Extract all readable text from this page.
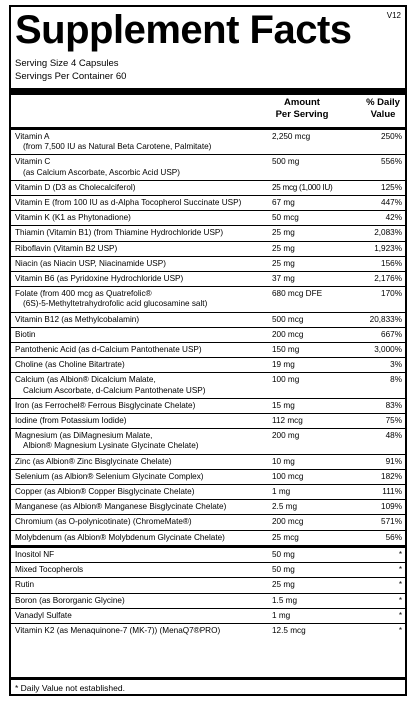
Supplement Facts	V12
Serving Size 4 Capsules
Servings Per Container 60
Amount
Per Serving
% Daily
Value
Vitamin A
(from 7,500 IU as Natural Beta Carotene, Palmitate)	2,250 mcg	250%

Vitamin C
(as Calcium Ascorbate, Ascorbic Acid USP)	500 mg	556%

Vitamin D (D3 as Cholecalciferol)	25 mcg (1,000 IU)	125%

Vitamin E (from 100 IU as d-Alpha Tocopherol Succinate USP)	67 mg	447%

Vitamin K (K1 as Phytonadione)	50 mcg	42%

Thiamin (Vitamin B1) (from Thiamine Hydrochloride USP)	25 mg	2,083%

Riboflavin (Vitamin B2 USP)	25 mg	1,923%

Niacin (as Niacin USP, Niacinamide USP)	25 mg	156%

Vitamin B6 (as Pyridoxine Hydrochloride USP)	37 mg	2,176%

Folate (from 400 mcg as Quatrefolic®
(6S)-5-Methyltetrahydrofolic acid glucosamine salt)	680 mcg DFE	170%

Vitamin B12 (as Methylcobalamin)	500 mcg	20,833%

Biotin	200 mcg	667%

Pantothenic Acid (as d-Calcium Pantothenate USP)	150 mg	3,000%

Choline (as Choline Bitartrate)	19 mg	3%

Calcium (as Albion® Dicalcium Malate,
Calcium Ascorbate, d-Calcium Pantothenate USP)	100 mg	8%

Iron (as Ferrochel® Ferrous Bisglycinate Chelate)	15 mg	83%

Iodine (from Potassium Iodide)	112 mcg	75%

Magnesium (as DiMagnesium Malate,
Albion® Magnesium Lysinate Glycinate Chelate)	200 mg	48%

Zinc (as Albion® Zinc Bisglycinate Chelate)	10 mg	91%

Selenium (as Albion® Selenium Glycinate Complex)	100 mcg	182%

Copper (as Albion® Copper Bisglycinate Chelate)	1 mg	111%

Manganese (as Albion® Manganese Bisglycinate Chelate)	2.5 mg	109%

Chromium (as O-polynicotinate) (ChromeMate®)	200 mcg	571%

Molybdenum (as Albion® Molybdenum Glycinate Chelate)	25 mcg	56%

Inositol NF	50 mg	*

Mixed Tocopherols	50 mg	*

Rutin	25 mg	*

Boron (as Bororganic Glycine)	1.5 mg	*

Vanadyl Sulfate	1 mg	*

Vitamin K2 (as Menaquinone-7 (MK-7)) (MenaQ7®PRO)	12.5 mcg	*
* Daily Value not established.
